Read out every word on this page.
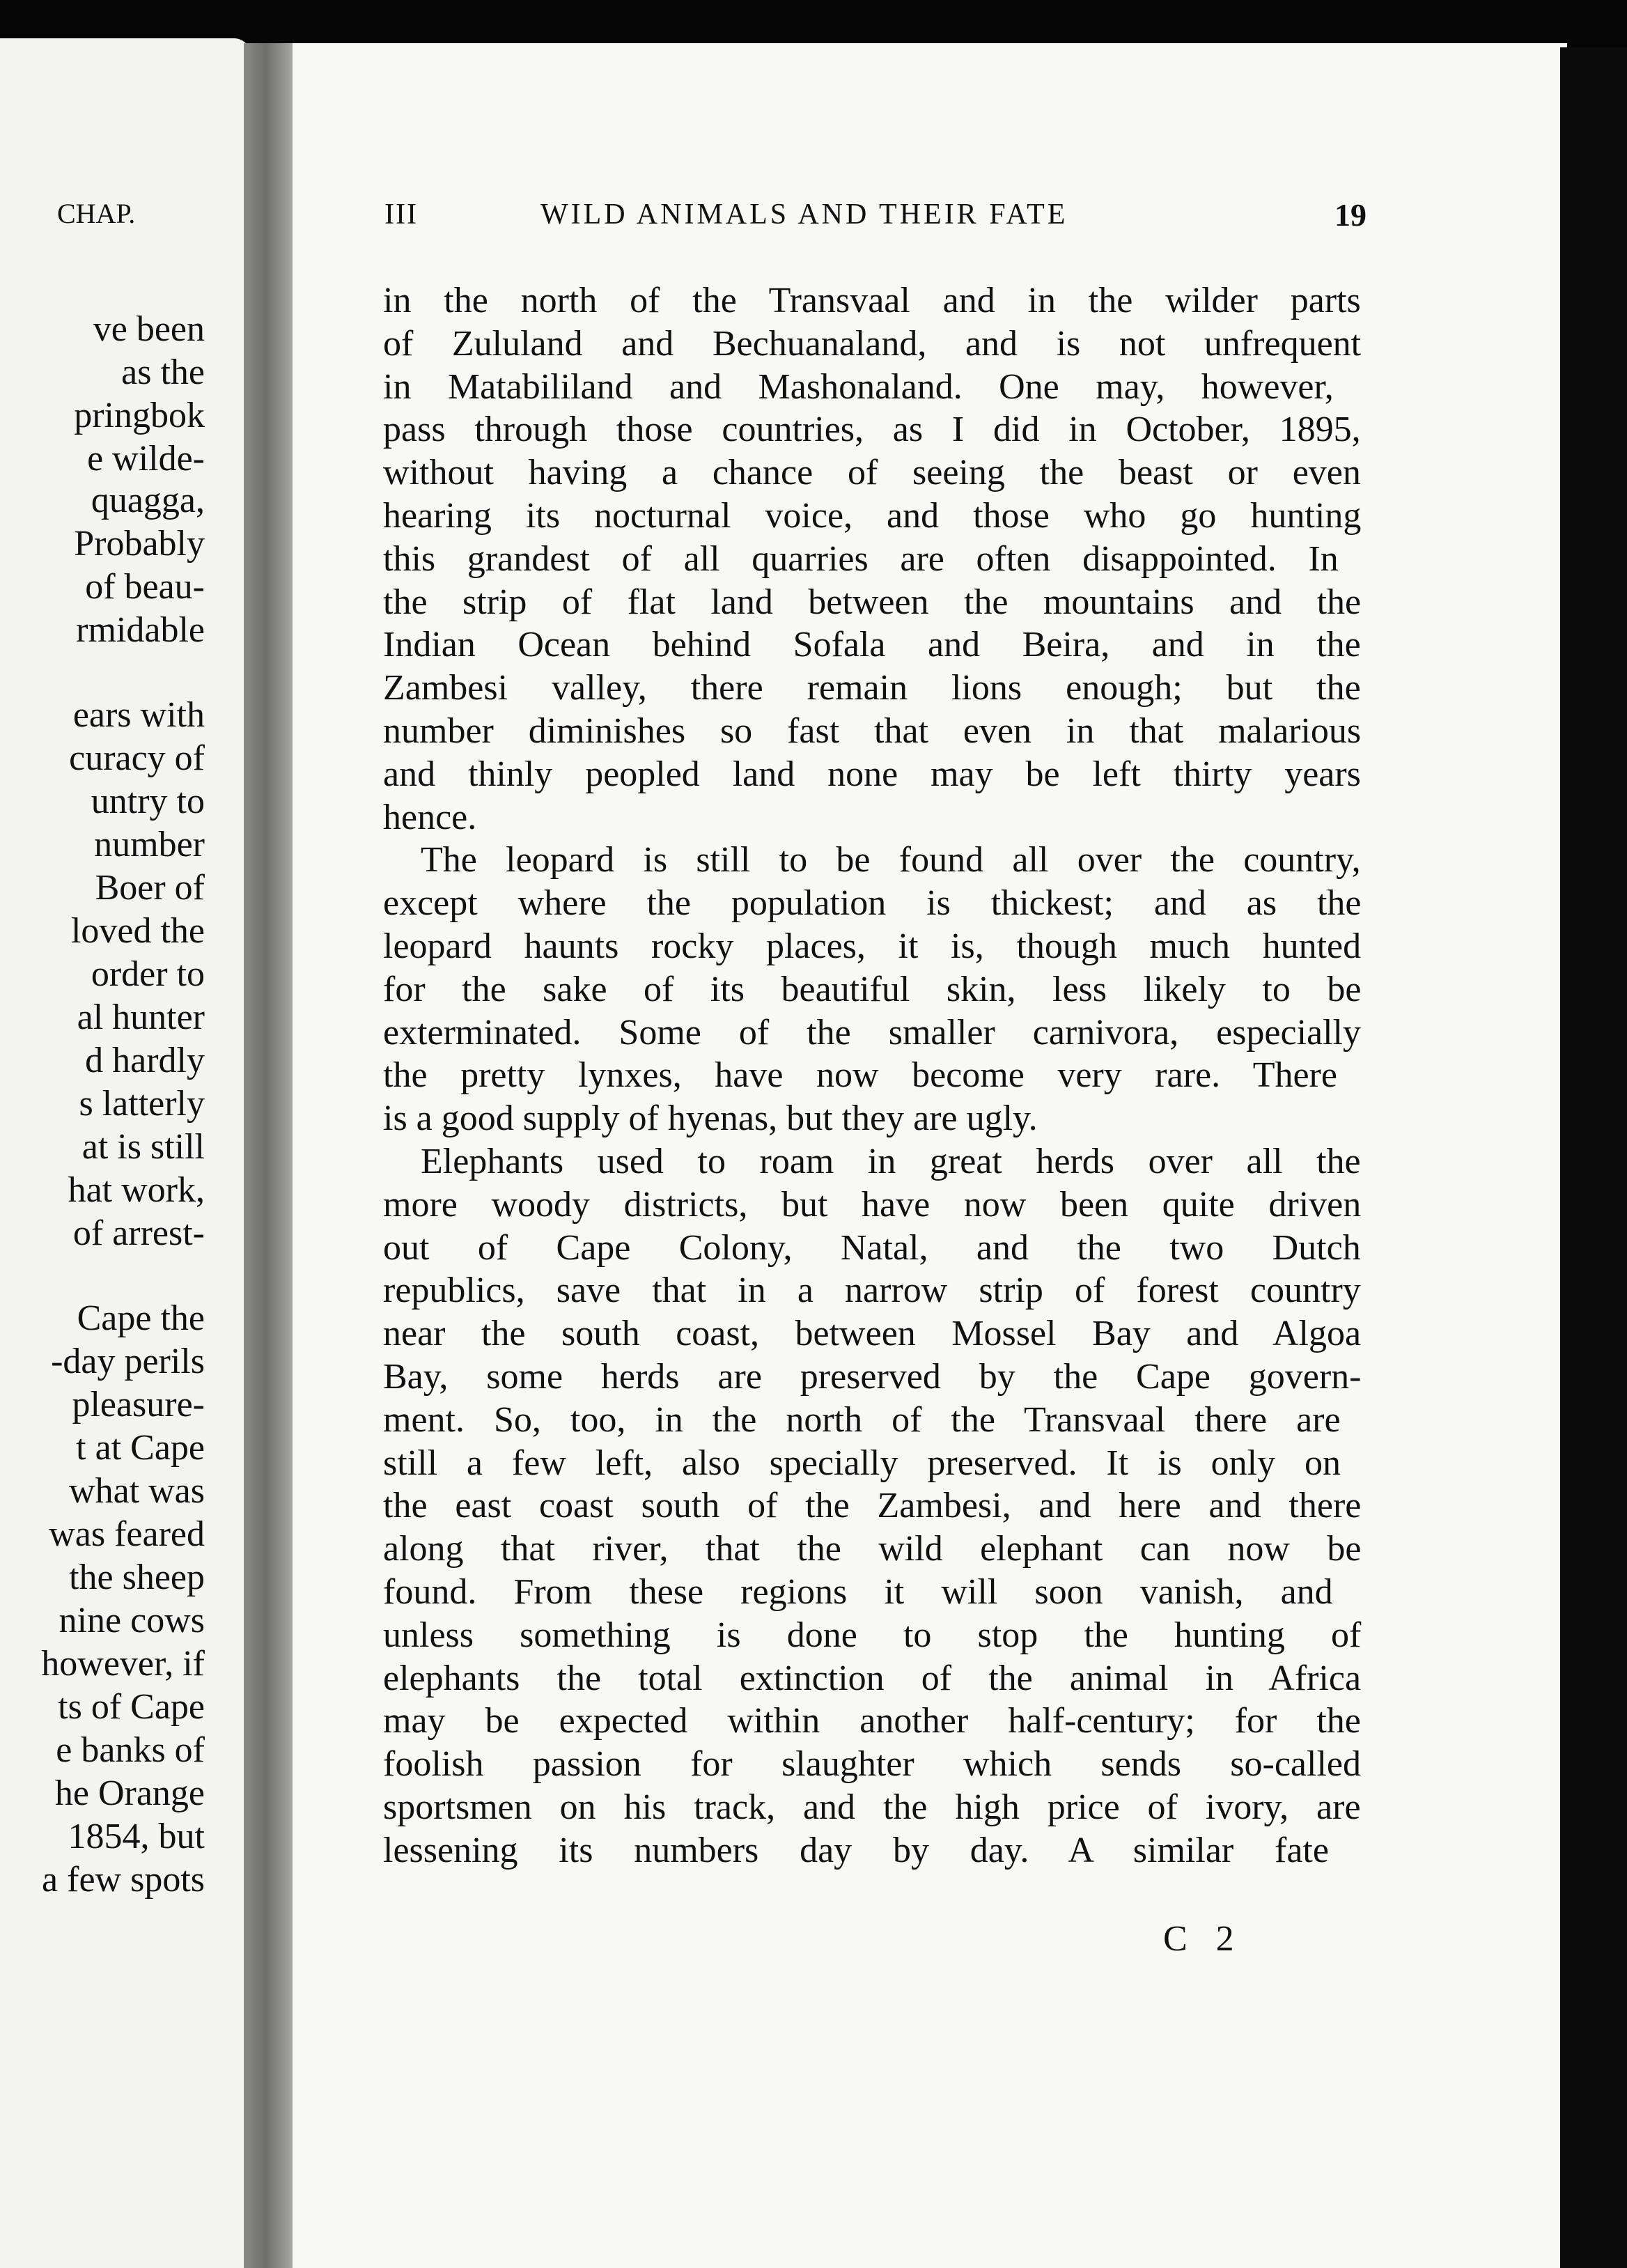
CHAP.
ve been
as the
pringbok
e wilde-
quagga,
Probably
of beau-
rmidable
ears with
curacy of
untry to
number
Boer of
loved the
order to
al hunter
d hardly
s latterly
at is still
hat work,
of arrest-
Cape the
-day perils
pleasure-
t at Cape
what was
was feared
the sheep
nine cows
however, if
ts of Cape
e banks of
he Orange
1854, but
a few spots
III	WILD ANIMALS AND THEIR FATE	19
in the north of the Transvaal and in the wilder parts
of Zululand and Bechuanaland, and is not unfrequent
in Matabililand and Mashonaland. One may, however,
pass through those countries, as I did in October, 1895,
without having a chance of seeing the beast or even
hearing its nocturnal voice, and those who go hunting
this grandest of all quarries are often disappointed. In
the strip of flat land between the mountains and the
Indian Ocean behind Sofala and Beira, and in the
Zambesi valley, there remain lions enough; but the
number diminishes so fast that even in that malarious
and thinly peopled land none may be left thirty years
hence.
The leopard is still to be found all over the country,
except where the population is thickest; and as the
leopard haunts rocky places, it is, though much hunted
for the sake of its beautiful skin, less likely to be
exterminated. Some of the smaller carnivora, especially
the pretty lynxes, have now become very rare. There
is a good supply of hyenas, but they are ugly.
Elephants used to roam in great herds over all the
more woody districts, but have now been quite driven
out of Cape Colony, Natal, and the two Dutch
republics, save that in a narrow strip of forest country
near the south coast, between Mossel Bay and Algoa
Bay, some herds are preserved by the Cape govern-
ment. So, too, in the north of the Transvaal there are
still a few left, also specially preserved. It is only on
the east coast south of the Zambesi, and here and there
along that river, that the wild elephant can now be
found. From these regions it will soon vanish, and
unless something is done to stop the hunting of
elephants the total extinction of the animal in Africa
may be expected within another half-century; for the
foolish passion for slaughter which sends so-called
sportsmen on his track, and the high price of ivory, are
lessening its numbers day by day. A similar fate
C 2
